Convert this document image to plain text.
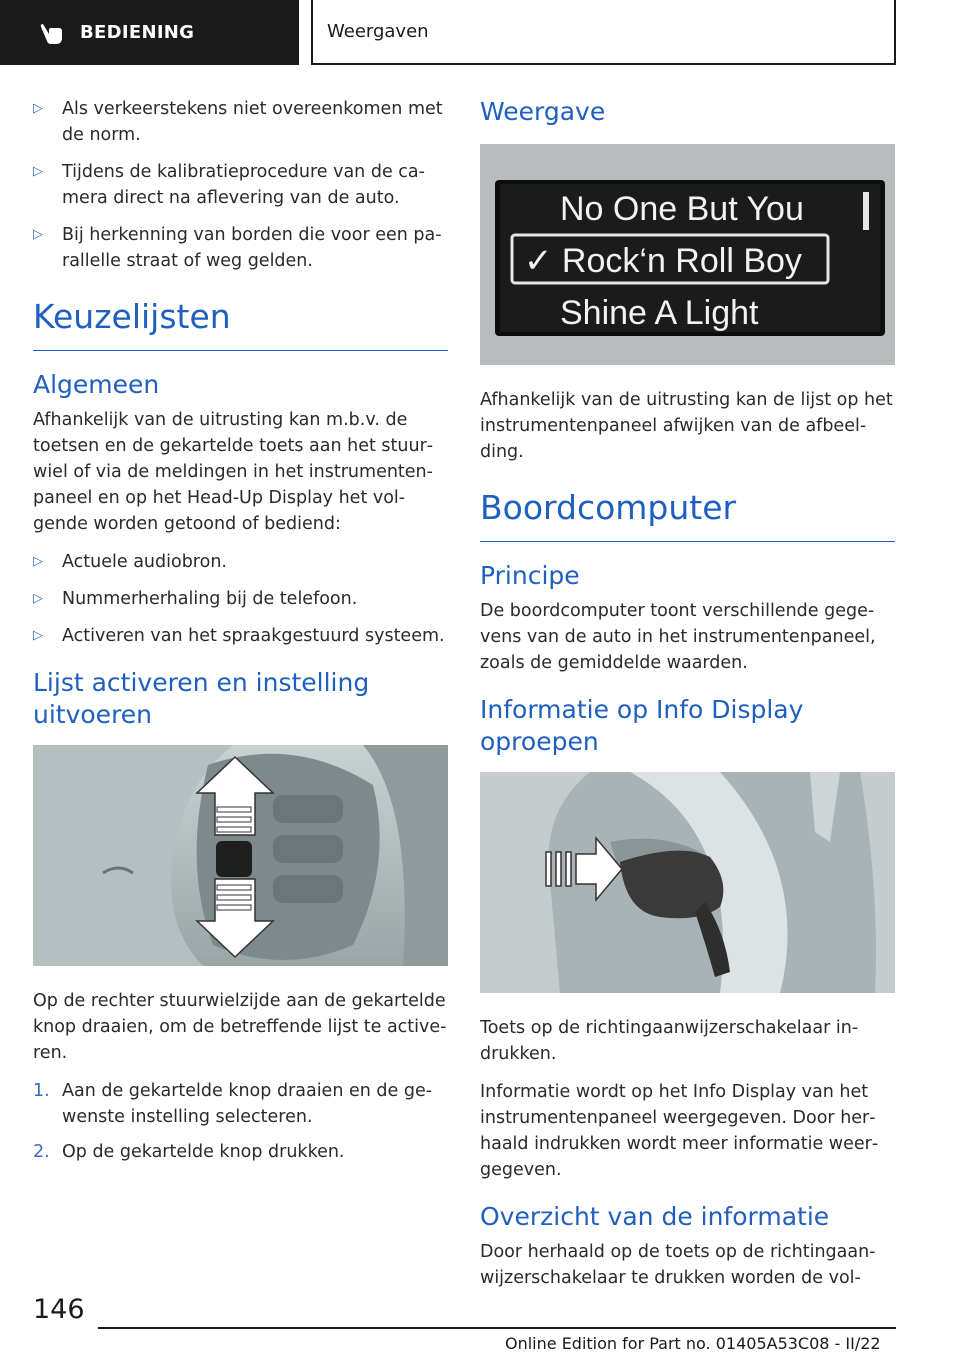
BEDIENING	Weergaven
▷ Als verkeerstekens niet overeenkomen met de norm.
▷ Tijdens de kalibratieprocedure van de camera direct na aflevering van de auto.
▷ Bij herkenning van borden die voor een parallelle straat of weg gelden.
Keuzelijsten
Algemeen

Afhankelijk van de uitrusting kan m.b.v. de toetsen en de gekartelde toets aan het stuurwiel of via de meldingen in het instrumentenpaneel en op het Head-Up Display het volgende worden getoond of bediend:

▷ Actuele audiobron.
▷ Nummerherhaling bij de telefoon.
▷ Activeren van het spraakgestuurd systeem.
Lijst activeren en instelling uitvoeren

Op de rechter stuurwielzijde aan de gekartelde knop draaien, om de betreffende lijst te activeren.

1. Aan de gekartelde knop draaien en de gewenste instelling selecteren.
2. Op de gekartelde knop drukken.
Weergave
No One But You
✓ Rock‘n Roll Boy
Shine A Light

Afhankelijk van de uitrusting kan de lijst op het instrumentenpaneel afwijken van de afbeelding.

Boordcomputer
Principe

De boordcomputer toont verschillende gegevens van de auto in het instrumentenpaneel, zoals de gemiddelde waarden.

Informatie op Info Display oproepen

Toets op de richtingaanwijzerschakelaar indrukken.

Informatie wordt op het Info Display van het instrumentenpaneel weergegeven. Door herhaald indrukken wordt meer informatie weergegeven.

Overzicht van de informatie

Door herhaald op de toets op de richtingaanwijzerschakelaar te drukken worden de vol-

146
Online Edition for Part no. 01405A53C08 - II/22
